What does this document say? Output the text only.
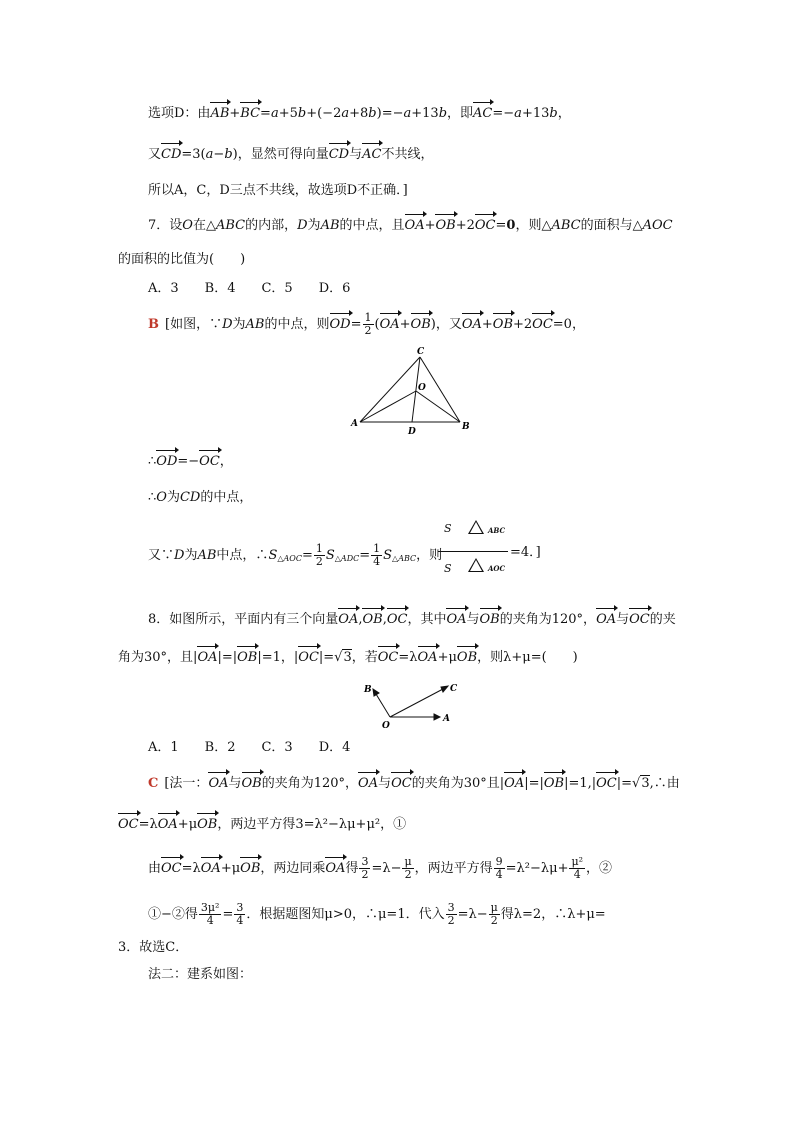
选项D：由AB+BC=a+5b+(−2a+8b)=−a+13b，即AC=−a+13b，
又CD=3(a−b)，显然可得向量CD与AC不共线，
所以A，C，D三点不共线，故选项D不正确．]
7．设O在△ABC的内部，D为AB的中点，且OA+OB+2OC=0，则△ABC的面积与△AOC
的面积的比值为(　　)
A．3　　B．4　　C．5　　D．6
B [如图，∵D为AB的中点，则$OD= \frac{1}{2} (OA+OB)$，又OA+OB+2OC=0，
A	B
C
D
O
∴OD=−OC，
∴O为CD的中点，
又∵D为AB中点，$\therefore S_{\triangle AOC}= \frac{1}{2} S_{\triangle ADC}= \frac{1}{4} S_{\triangle ABC}$，则
S	ABC
S	AOC
=4．]
8．如图所示，平面内有三个向量OA,OB,OC，其中OA与OB的夹角为120°，OA与OC的夹
角为30°，且|OA|=|OB|=1，|OC|=√3，若OC=λOA+μOB，则λ+μ=(　　)
O
A
B	C
A．1　　B．2　　C．3　　D．4
C [法一：OA与OB的夹角为120°，OA与OC的夹角为30°且|OA|=|OB|=1,|OC|=√3,∴由
OC=λOA+μOB，两边平方得3=λ²−λμ+μ²，①
由OC=λOA+μOB，两边同乘OA得 $\frac{3}{2} =\lambda- \frac{\mu}{2}$ ，两边平方得 $\frac{9}{4} =\lambda^2-\lambda\mu+ \frac{\text{μ²}}{4}$ ，②
①−②得 $\frac{\text{3μ²}}{4} = \frac{3}{4}$ ．根据题图知μ>0，∴μ=1．代入 $\frac{3}{2} =\lambda- \frac{\mu}{2}$ 得λ=2，∴λ+μ=
3．故选C．
法二：建系如图：
